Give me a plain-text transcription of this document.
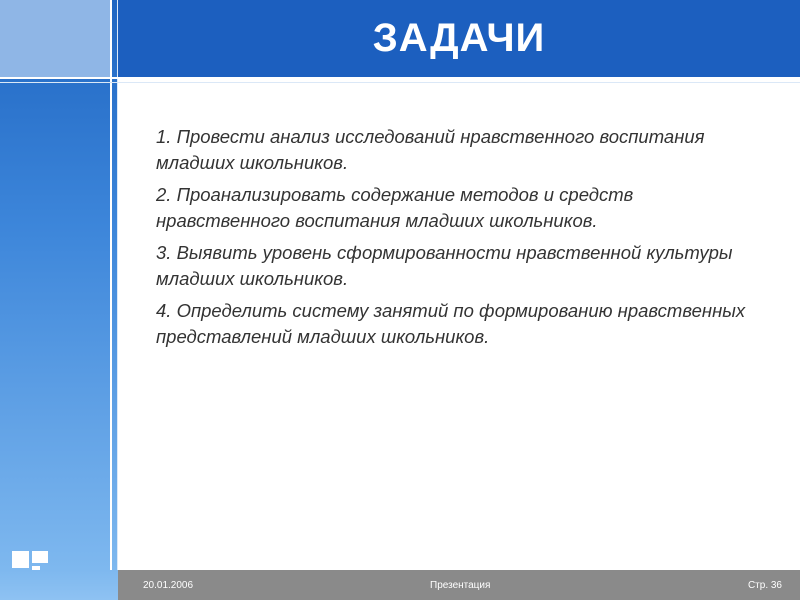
ЗАДАЧИ

1. Провести анализ исследований нравственного воспитания младших школьников.

2. Проанализировать содержание методов и средств нравственного воспитания младших школьников.

3. Выявить уровень сформированности нравственной культуры младших школьников.

4. Определить систему занятий по формированию нравственных представлений младших школьников.

20.01.2006	Презентация	Стр. 36
